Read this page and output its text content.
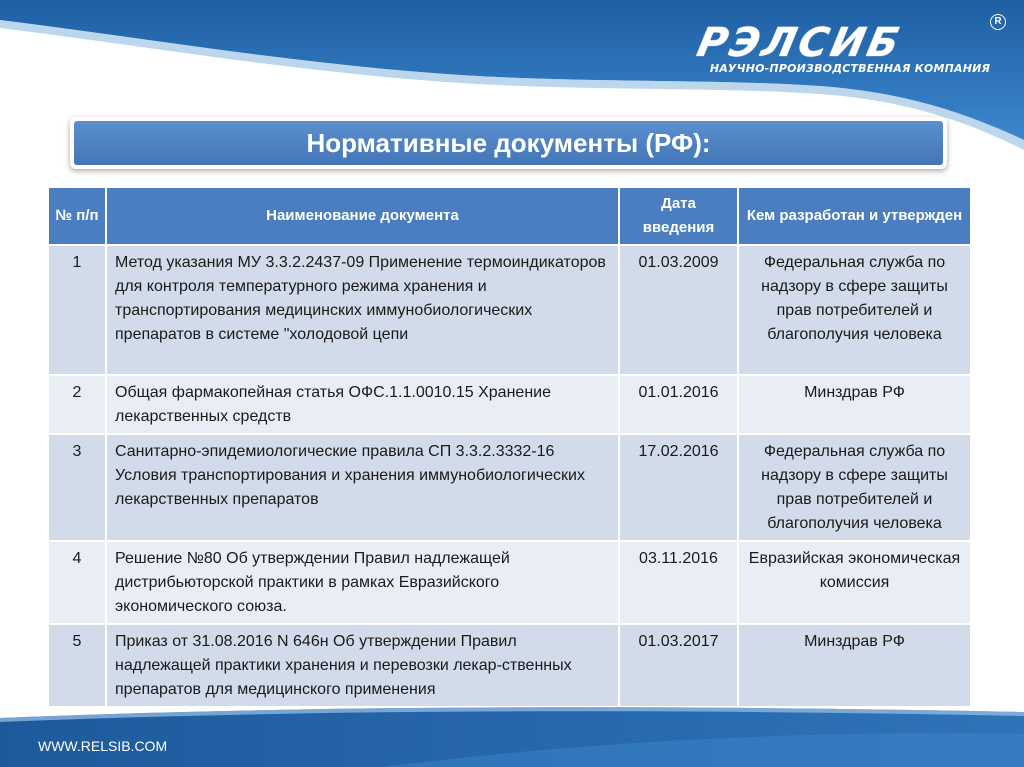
РЭЛСИБ	R
НАУЧНО-ПРОИЗВОДСТВЕННАЯ КОМПАНИЯ
Нормативные документы (РФ):
№ п/п	Наименование документа	Дата введения	Кем разработан и утвержден
1	Метод указания МУ 3.3.2.2437-09 Применение термоиндикаторов для контроля температурного режима хранения и транспортирования медицинских иммунобиологических препаратов в системе "холодовой цепи	01.03.2009	Федеральная служба по надзору в сфере защиты прав потребителей и благополучия человека
2	Общая фармакопейная статья ОФС.1.1.0010.15 Хранение лекарственных средств	01.01.2016	Минздрав РФ
3	Санитарно-эпидемиологические правила СП 3.3.2.3332-16 Условия транспортирования и хранения иммунобиологических лекарственных препаратов	17.02.2016	Федеральная служба по надзору в сфере защиты прав потребителей и благополучия человека
4	Решение №80 Об утверждении Правил надлежащей дистрибьюторской практики в рамках Евразийского экономического союза.	03.11.2016	Евразийская экономическая комиссия
5	Приказ от 31.08.2016 N 646н Об утверждении Правил надлежащей практики хранения и перевозки лекар-ственных препаратов для медицинского применения	01.03.2017	Минздрав РФ
WWW.RELSIB.COM
